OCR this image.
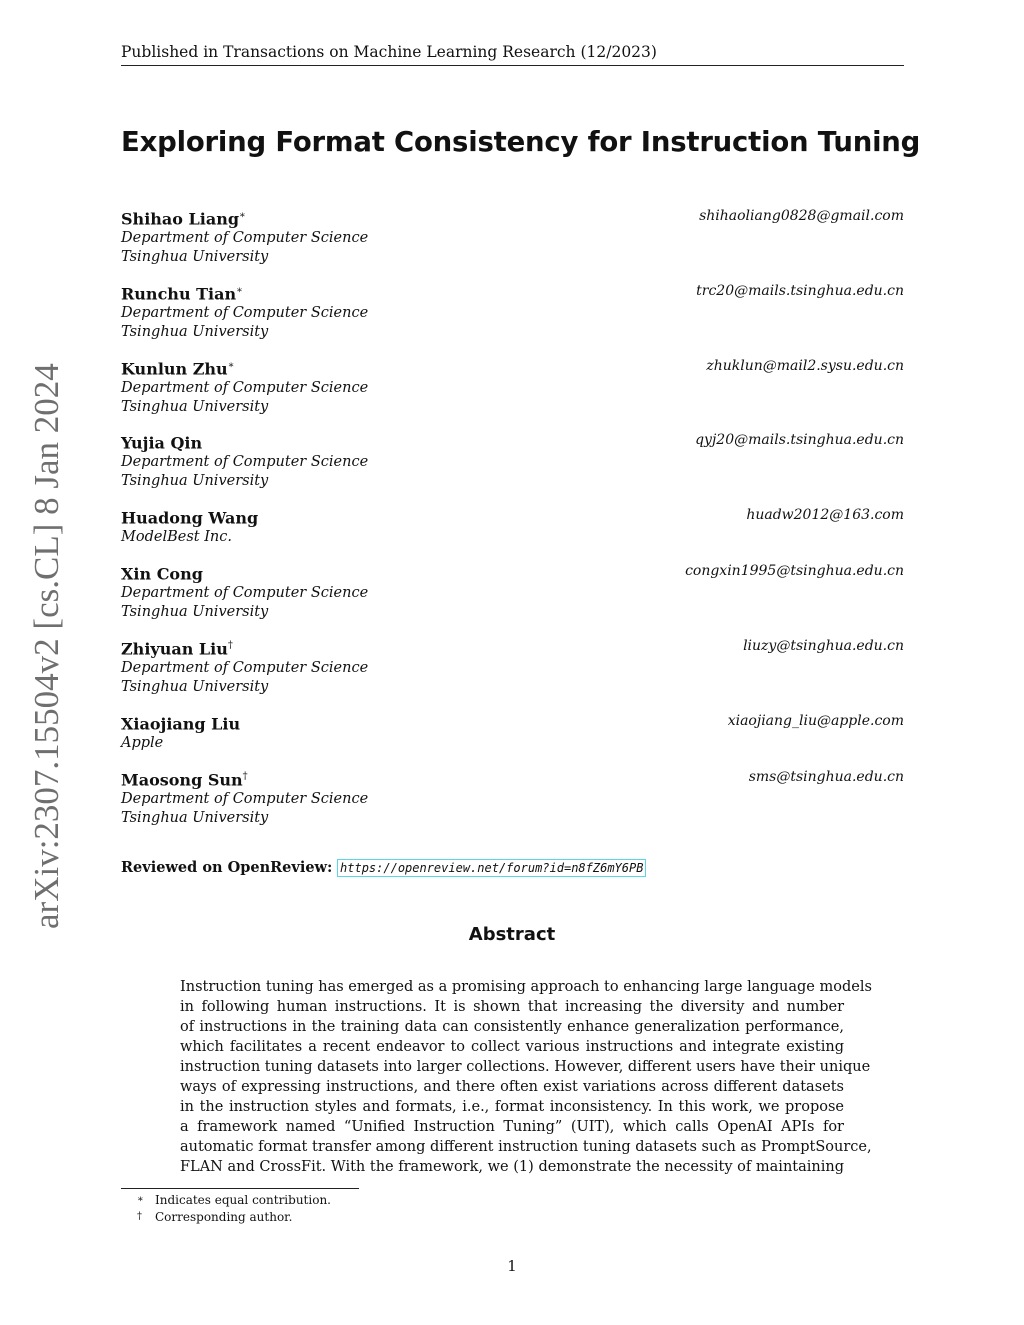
Published in Transactions on Machine Learning Research (12/2023)
arXiv:2307.15504v2 [cs.CL] 8 Jan 2024
Exploring Format Consistency for Instruction Tuning
Shihao Liang∗	shihaoliang0828@gmail.com
Department of Computer Science
Tsinghua University
Runchu Tian∗	trc20@mails.tsinghua.edu.cn
Department of Computer Science
Tsinghua University
Kunlun Zhu∗	zhuklun@mail2.sysu.edu.cn
Department of Computer Science
Tsinghua University
Yujia Qin	qyj20@mails.tsinghua.edu.cn
Department of Computer Science
Tsinghua University
Huadong Wang	huadw2012@163.com
ModelBest Inc.
Xin Cong	congxin1995@tsinghua.edu.cn
Department of Computer Science
Tsinghua University
Zhiyuan Liu†	liuzy@tsinghua.edu.cn
Department of Computer Science
Tsinghua University
Xiaojiang Liu	xiaojiang_liu@apple.com
Apple
Maosong Sun†	sms@tsinghua.edu.cn
Department of Computer Science
Tsinghua University
Reviewed on OpenReview: https://openreview.net/forum?id=n8fZ6mY6PB
Abstract
Instruction tuning has emerged as a promising approach to enhancing large language models
in following human instructions. It is shown that increasing the diversity and number
of instructions in the training data can consistently enhance generalization performance,
which facilitates a recent endeavor to collect various instructions and integrate existing
instruction tuning datasets into larger collections. However, different users have their unique
ways of expressing instructions, and there often exist variations across different datasets
in the instruction styles and formats, i.e., format inconsistency. In this work, we propose
a framework named “Unified Instruction Tuning” (UIT), which calls OpenAI APIs for
automatic format transfer among different instruction tuning datasets such as PromptSource,
FLAN and CrossFit. With the framework, we (1) demonstrate the necessity of maintaining
∗ Indicates equal contribution.
† Corresponding author.
1
